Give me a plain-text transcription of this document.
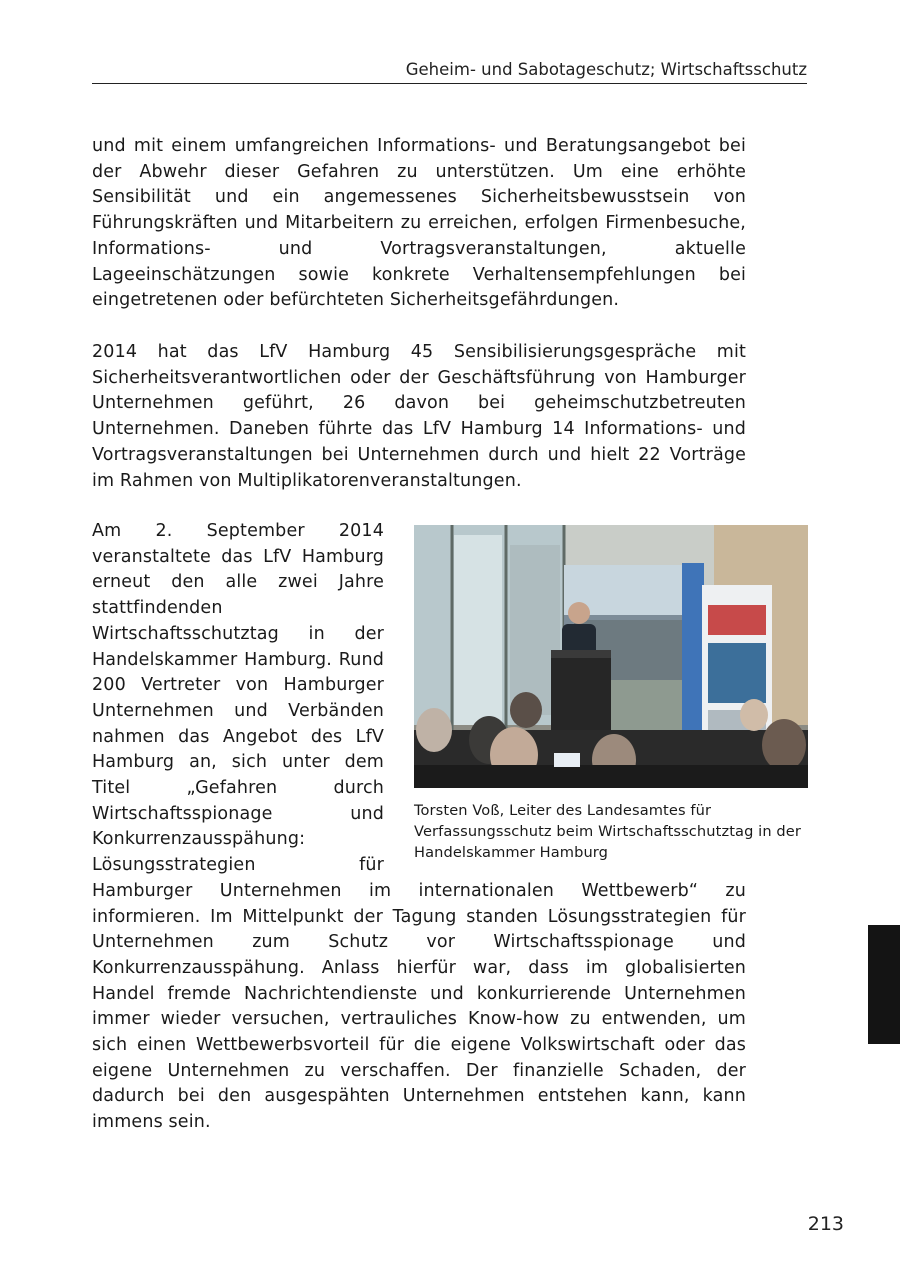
Geheim- und Sabotageschutz; Wirtschaftsschutz

und mit einem umfangreichen Informations- und Beratungsangebot bei der Abwehr dieser Gefahren zu unterstützen. Um eine erhöhte Sensibilität und ein angemessenes Sicherheitsbewusstsein von Führungskräften und Mitarbeitern zu erreichen, erfolgen Firmenbesuche, Informations- und Vortragsveranstaltungen, aktuelle Lageeinschätzungen sowie konkrete Verhaltensempfehlungen bei eingetretenen oder befürchteten Sicherheitsgefährdungen.

2014 hat das LfV Hamburg 45 Sensibilisierungsgespräche mit Sicherheitsverantwortlichen oder der Geschäftsführung von Hamburger Unternehmen geführt, 26 davon bei geheimschutzbetreuten Unternehmen. Daneben führte das LfV Hamburg 14 Informations- und Vortragsveranstaltungen bei Unternehmen durch und hielt 22 Vorträge im Rahmen von Multiplikatorenveranstaltungen.

Torsten Voß, Leiter des Landesamtes für Verfassungsschutz beim Wirtschaftsschutztag in der Handelskammer Hamburg
Am 2. September 2014 veranstaltete das LfV Hamburg erneut den alle zwei Jahre stattfindenden Wirtschaftsschutztag in der Handelskammer Hamburg. Rund 200 Vertreter von Hamburger Unternehmen und Verbänden nahmen das Angebot des LfV Hamburg an, sich unter dem Titel „Gefahren durch Wirtschaftsspionage und Konkurrenzausspähung: Lösungsstrategien für Hamburger Unternehmen im internationalen Wettbewerb“ zu informieren. Im Mittelpunkt der Tagung standen Lösungsstrategien für Unternehmen zum Schutz vor Wirtschaftsspionage und Konkurrenzausspähung. Anlass hierfür war, dass im globalisierten Handel fremde Nachrichtendienste und konkurrierende Unternehmen immer wieder versuchen, vertrauliches Know-how zu entwenden, um sich einen Wettbewerbsvorteil für die eigene Volkswirtschaft oder das eigene Unternehmen zu verschaffen. Der finanzielle Schaden, der dadurch bei den ausgespähten Unternehmen entstehen kann, kann immens sein.
213
